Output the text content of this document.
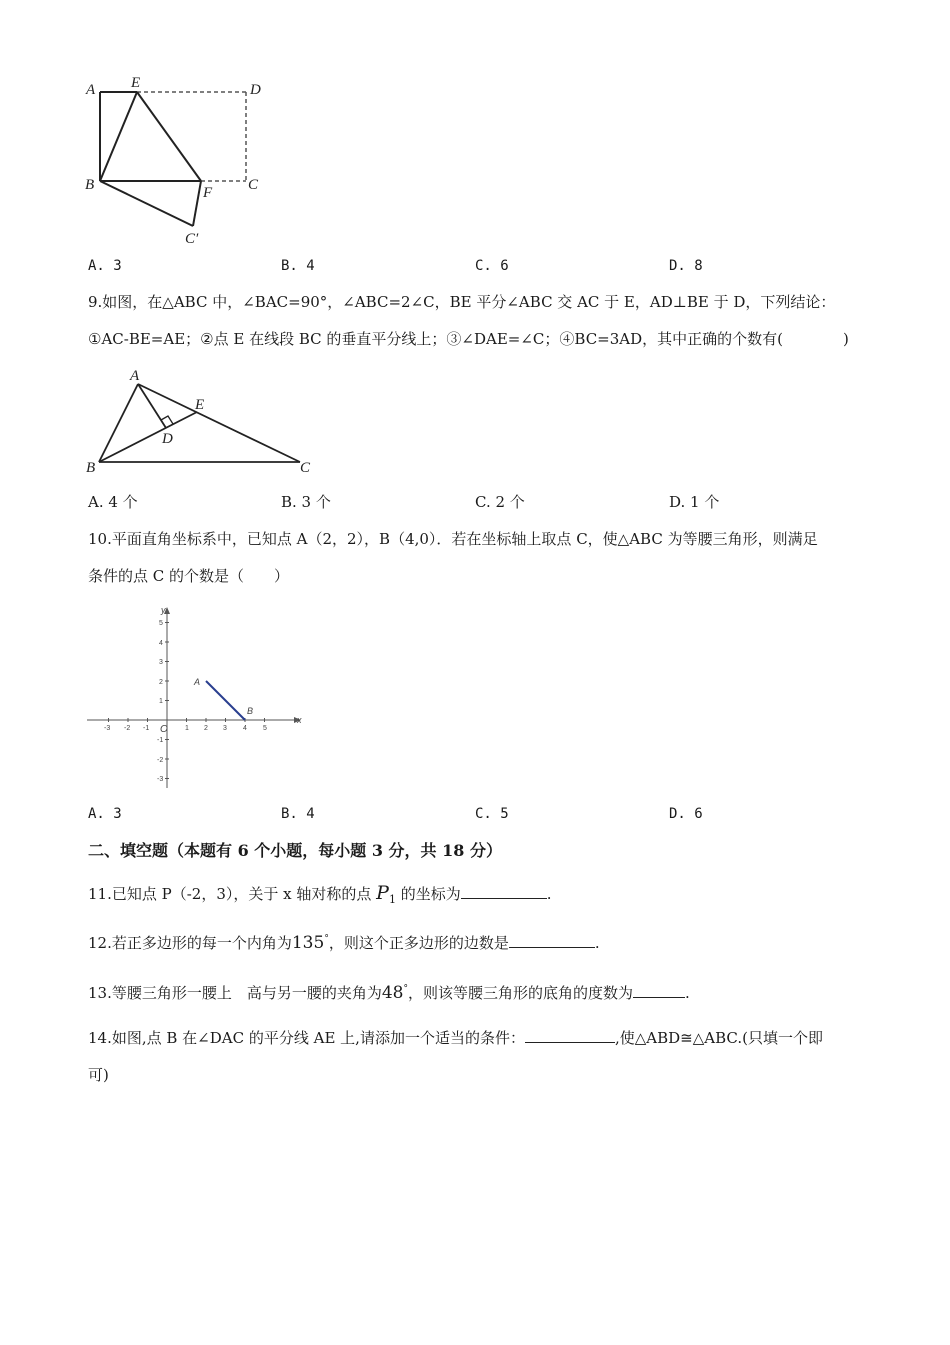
A E	D
B	F C
C′
A. 3	B. 4	C. 6	D. 8
9.如图，在△ABC 中，∠BAC=90°，∠ABC=2∠C，BE 平分∠ABC 交 AC 于 E，AD⊥BE 于 D，下列结论：
①AC-BE=AE；②点 E 在线段 BC 的垂直平分线上；③∠DAE=∠C；④BC=3AD，其中正确的个数有(　　　　)
A
E
D
B	C
A. 4 个	B. 3 个	C. 2 个	D. 1 个
10.平面直角坐标系中，已知点 A（2，2），B（4,0）．若在坐标轴上取点 C，使△ABC 为等腰三角形，则满足
条件的点 C 的个数是（　　）
-3 -2 -1	1 2 3 4 5
5
4
3
2
1
-1
-2
-3
x
y
O
A
B
A. 3	B. 4	C. 5	D. 6
二、填空题（本题有 6 个小题，每小题 3 分，共 18 分）
11.已知点 P（-2，3），关于 x 轴对称的点 $P_1$ 的坐标为	.
12.若正多边形的每一个内角为135°，则这个正多边形的边数是	.
13.等腰三角形一腰上　高与另一腰的夹角为48°，则该等腰三角形的底角的度数为	.
14.如图,点 B 在∠DAC 的平分线 AE 上,请添加一个适当的条件：	,使△ABD≅△ABC.(只填一个即
可)
